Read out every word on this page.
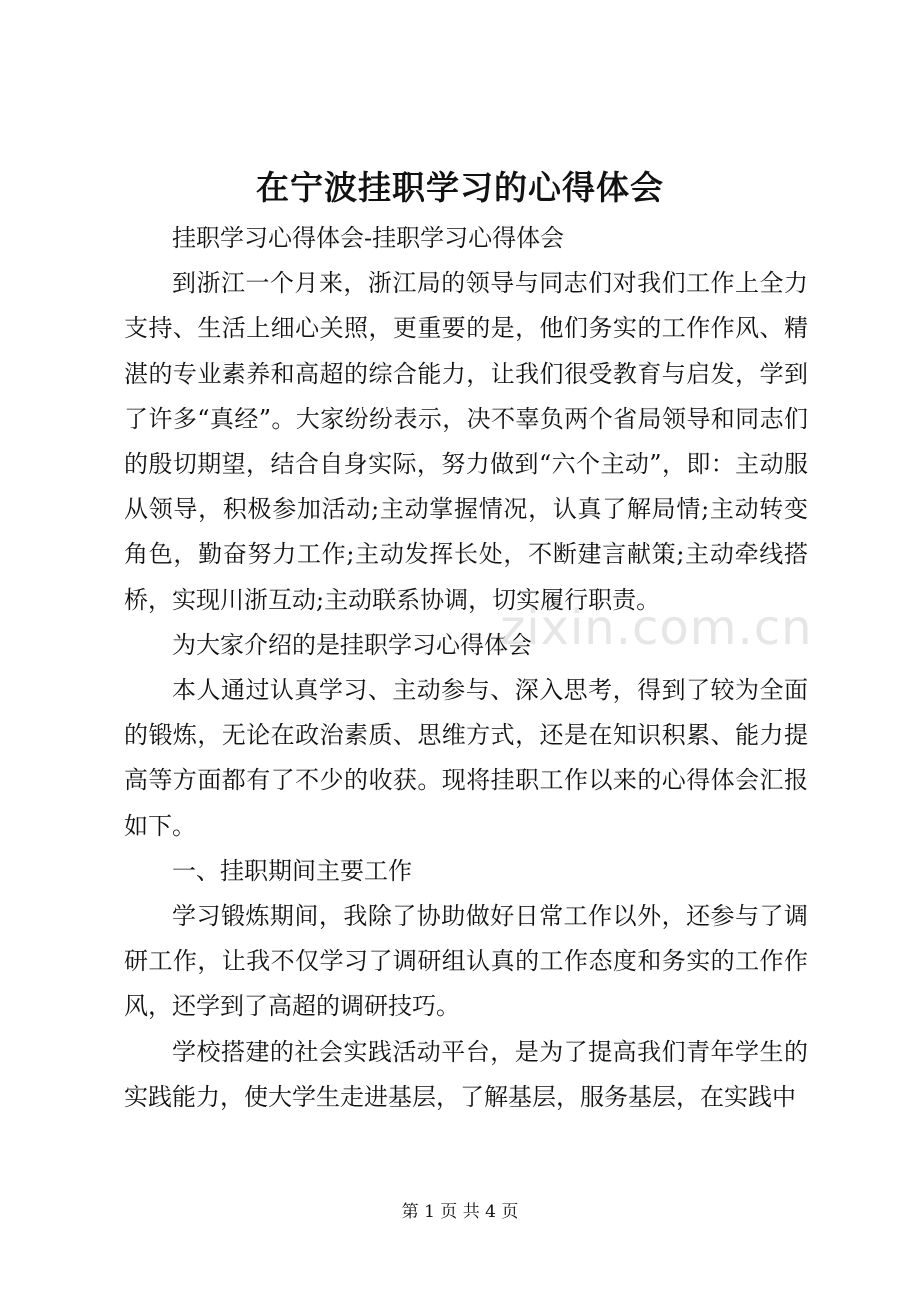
在宁波挂职学习的心得体会

挂职学习心得体会-挂职学习心得体会

到浙江一个月来，浙江局的领导与同志们对我们工作上全力支持、生活上细心关照，更重要的是，他们务实的工作作风、精湛的专业素养和高超的综合能力，让我们很受教育与启发，学到了许多“真经”。大家纷纷表示，决不辜负两个省局领导和同志们的殷切期望，结合自身实际，努力做到“六个主动”，即：主动服从领导，积极参加活动;主动掌握情况，认真了解局情;主动转变角色，勤奋努力工作;主动发挥长处，不断建言献策;主动牵线搭桥，实现川浙互动;主动联系协调，切实履行职责。

为大家介绍的是挂职学习心得体会

本人通过认真学习、主动参与、深入思考，得到了较为全面的锻炼，无论在政治素质、思维方式，还是在知识积累、能力提高等方面都有了不少的收获。现将挂职工作以来的心得体会汇报如下。

一、挂职期间主要工作

学习锻炼期间，我除了协助做好日常工作以外，还参与了调研工作，让我不仅学习了调研组认真的工作态度和务实的工作作风，还学到了高超的调研技巧。

学校搭建的社会实践活动平台，是为了提高我们青年学生的实践能力，使大学生走进基层，了解基层，服务基层，在实践中

zixin.com.cn
第 1 页 共 4 页
